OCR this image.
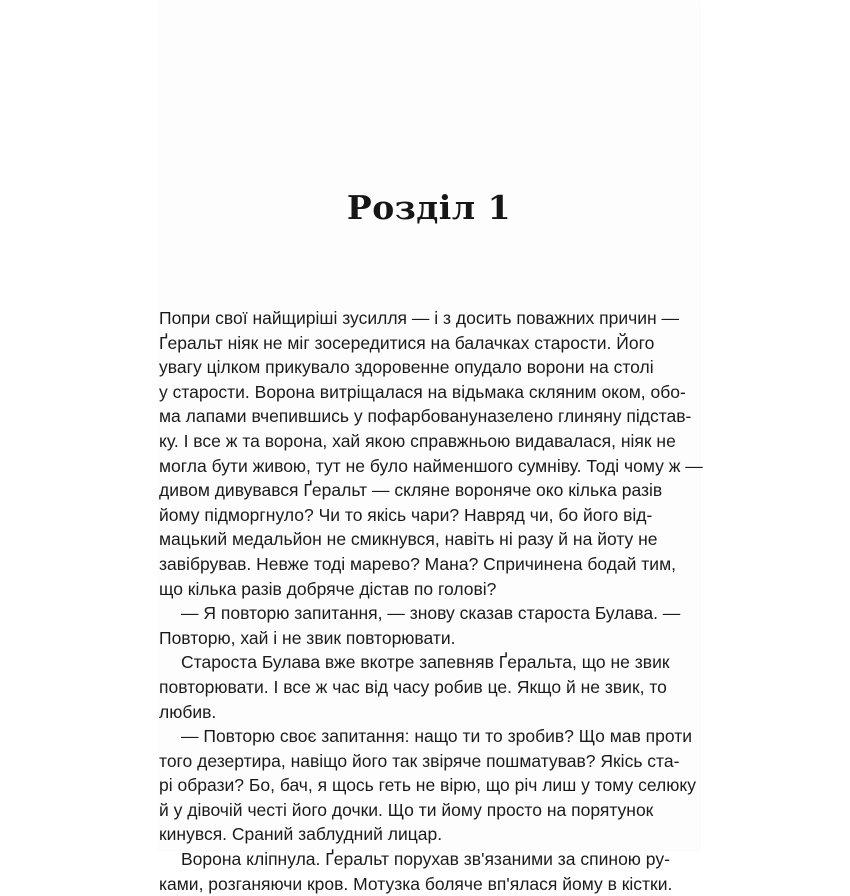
Розділ 1
Попри свої найщиріші зусилля — і з досить поважних причин —
Ґеральт ніяк не міг зосередитися на балачках старости. Його
увагу цілком прикувало здоровенне опудало ворони на столі
у старости. Ворона витріщалася на відьмака скляним оком, обо-
ма лапами вчепившись у пофарбовануназелено глиняну підстав-
ку. І все ж та ворона, хай якою справжньою видавалася, ніяк не
могла бути живою, тут не було найменшого сумніву. Тоді чому ж —
дивом дивувався Ґеральт — скляне вороняче око кілька разів
йому підморгнуло? Чи то якісь чари? Навряд чи, бо його від-
мацький медальйон не смикнувся, навіть ні разу й на йоту не
завібрував. Невже тоді марево? Мана? Спричинена бодай тим,
що кілька разів добряче дістав по голові?
— Я повторю запитання, — знову сказав староста Булава. —
Повторю, хай і не звик повторювати.
Староста Булава вже вкотре запевняв Ґеральта, що не звик
повторювати. І все ж час від часу робив це. Якщо й не звик, то
любив.
— Повторю своє запитання: нащо ти то зробив? Що мав проти
того дезертира, навіщо його так звіряче пошматував? Якісь ста-
рі образи? Бо, бач, я щось геть не вірю, що річ лиш у тому селюку
й у дівочій честі його дочки. Що ти йому просто на порятунок
кинувся. Сраний заблудний лицар.
Ворона кліпнула. Ґеральт порухав зв'язаними за спиною ру-
ками, розганяючи кров. Мотузка боляче вп'ялася йому в кістки.
